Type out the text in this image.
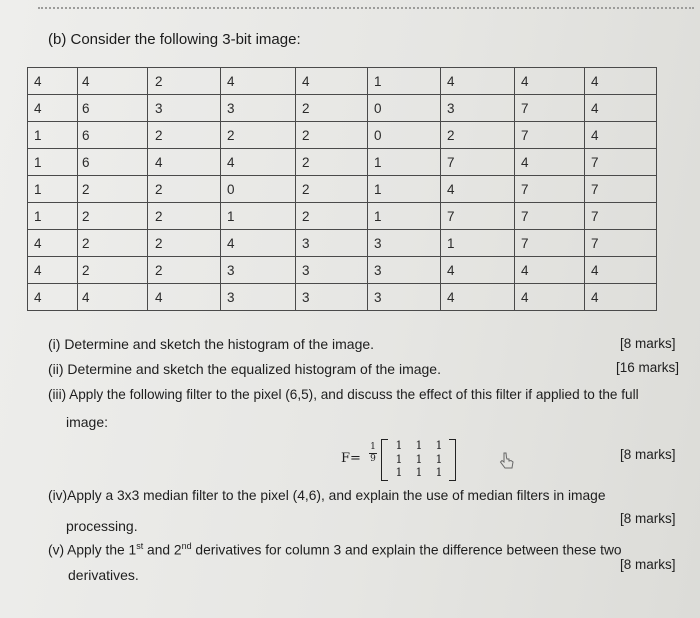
(b) Consider the following 3-bit image:
4	4	2	4	4	1	4	4	4

4	6	3	3	2	0	3	7	4

1	6	2	2	2	0	2	7	4

1	6	4	4	2	1	7	4	7

1	2	2	0	2	1	4	7	7

1	2	2	1	2	1	7	7	7

4	2	2	4	3	3	1	7	7

4	2	2	3	3	3	4	4	4

4	4	4	3	3	3	4	4	4
(i) Determine and sketch the histogram of the image.	[8 marks]
(ii) Determine and sketch the equalized histogram of the image.	[16 marks]
(iii) Apply the following filter to the pixel (6,5), and discuss the effect of this filter if applied to the full
image:
$F= \frac{1}{9}$	1	1	1
1	1	1
1	1	1
[8 marks]
(iv)Apply a 3x3 median filter to the pixel (4,6), and explain the use of median filters in image
processing.	[8 marks]
(v) Apply the 1st and 2nd derivatives for column 3 and explain the difference between these two
derivatives.
[8 marks]
